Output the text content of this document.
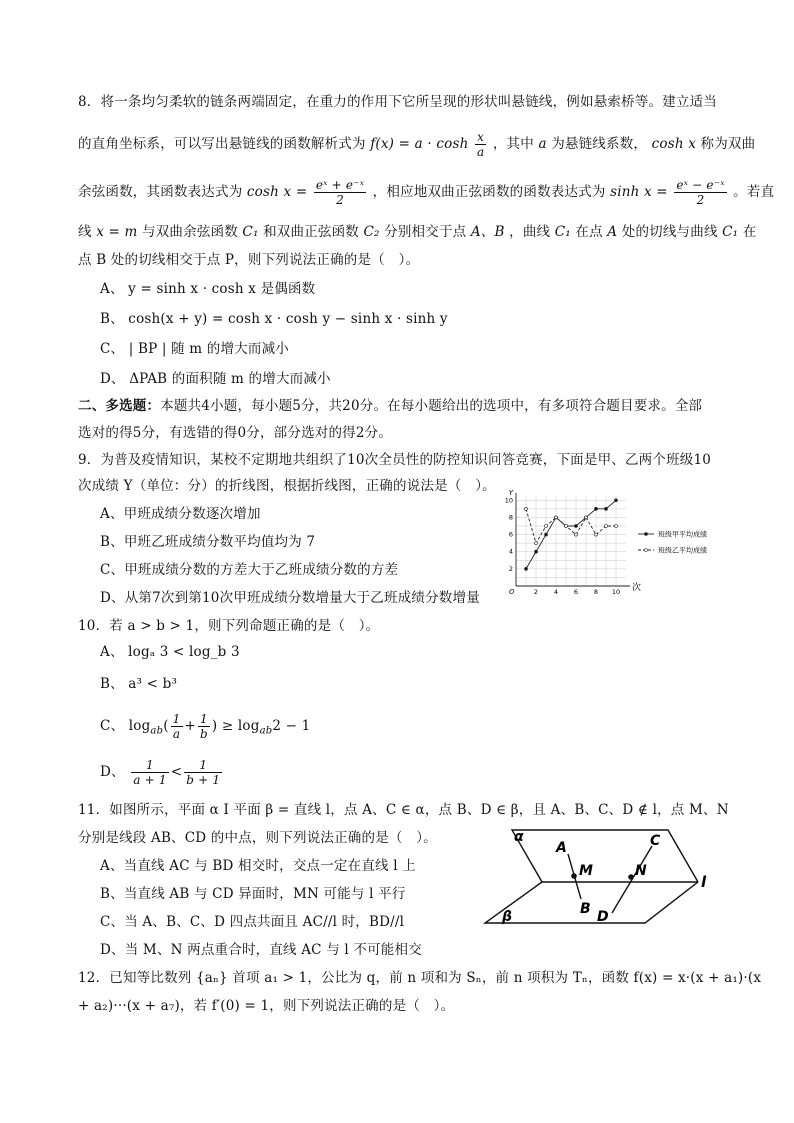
8．将一条均匀柔软的链条两端固定，在重力的作用下它所呈现的形状叫悬链线，例如悬索桥等。建立适当
的直角坐标系，可以写出悬链线的函数解析式为 $f(x) = a \cdot \cosh \frac{x}{a}$ ，其中 a 为悬链线系数， cosh x 称为双曲
余弦函数，其函数表达式为 $\cosh x = \frac{\text{eˣ + e⁻ˣ}}{2}$ ，相应地双曲正弦函数的函数表达式为 $\sinh x = \frac{\text{eˣ − e⁻ˣ}}{2}$ 。若直
线 x = m 与双曲余弦函数 C₁ 和双曲正弦函数 C₂ 分别相交于点 A、B ，曲线 C₁ 在点 A 处的切线与曲线 C₁ 在
点 B 处的切线相交于点 P，则下列说法正确的是（　）。
A、 y = sinh x · cosh x 是偶函数
B、 cosh(x + y) = cosh x · cosh y − sinh x · sinh y
C、 | BP | 随 m 的增大而减小
D、 ΔPAB 的面积随 m 的增大而减小
二、多选题：本题共4小题，每小题5分，共20分。在每小题给出的选项中，有多项符合题目要求。全部
选对的得5分，有选错的得0分，部分选对的得2分。
9．为普及疫情知识，某校不定期地共组织了10次全员性的防控知识问答竞赛，下面是甲、乙两个班级10
次成绩 Y（单位：分）的折线图，根据折线图，正确的说法是（　）。
A、甲班成绩分数逐次增加
B、甲班乙班成绩分数平均值均为 7
C、甲班成绩分数的方差大于乙班成绩分数的方差
D、从第7次到第10次甲班成绩分数增量大于乙班成绩分数增量
Y
次
O	2 4 6 8 10
2
4
6
8
10
班级甲平均成绩
班级乙平均成绩
10．若 a > b > 1，则下列命题正确的是（　）。
A、 logₐ 3 < log_b 3
B、 a³ < b³
C、 $\log_{ab}( \frac{1}{a} + \frac{1}{b}$ ) ≥ $\log_{ab}2 - 1$
D、 $\frac{1}{a + 1} < \frac{1}{b + 1}$
11．如图所示，平面 α I 平面 β = 直线 l，点 A、C ∈ α，点 B、D ∈ β，且 A、B、C、D ∉ l，点 M、N
分别是线段 AB、CD 的中点，则下列说法正确的是（　）。
A、当直线 AC 与 BD 相交时，交点一定在直线 l 上
B、当直线 AB 与 CD 异面时，MN 可能与 l 平行
C、当 A、B、C、D 四点共面且 AC//l 时，BD//l
D、当 M、N 两点重合时，直线 AC 与 l 不可能相交
α
β
l
A
M
B
C
N
D
12．已知等比数列 {aₙ} 首项 a₁ > 1，公比为 q，前 n 项和为 Sₙ，前 n 项积为 Tₙ，函数 f(x) = x·(x + a₁)·(x
+ a₂)···(x + a₇)，若 f′(0) = 1，则下列说法正确的是（　）。
